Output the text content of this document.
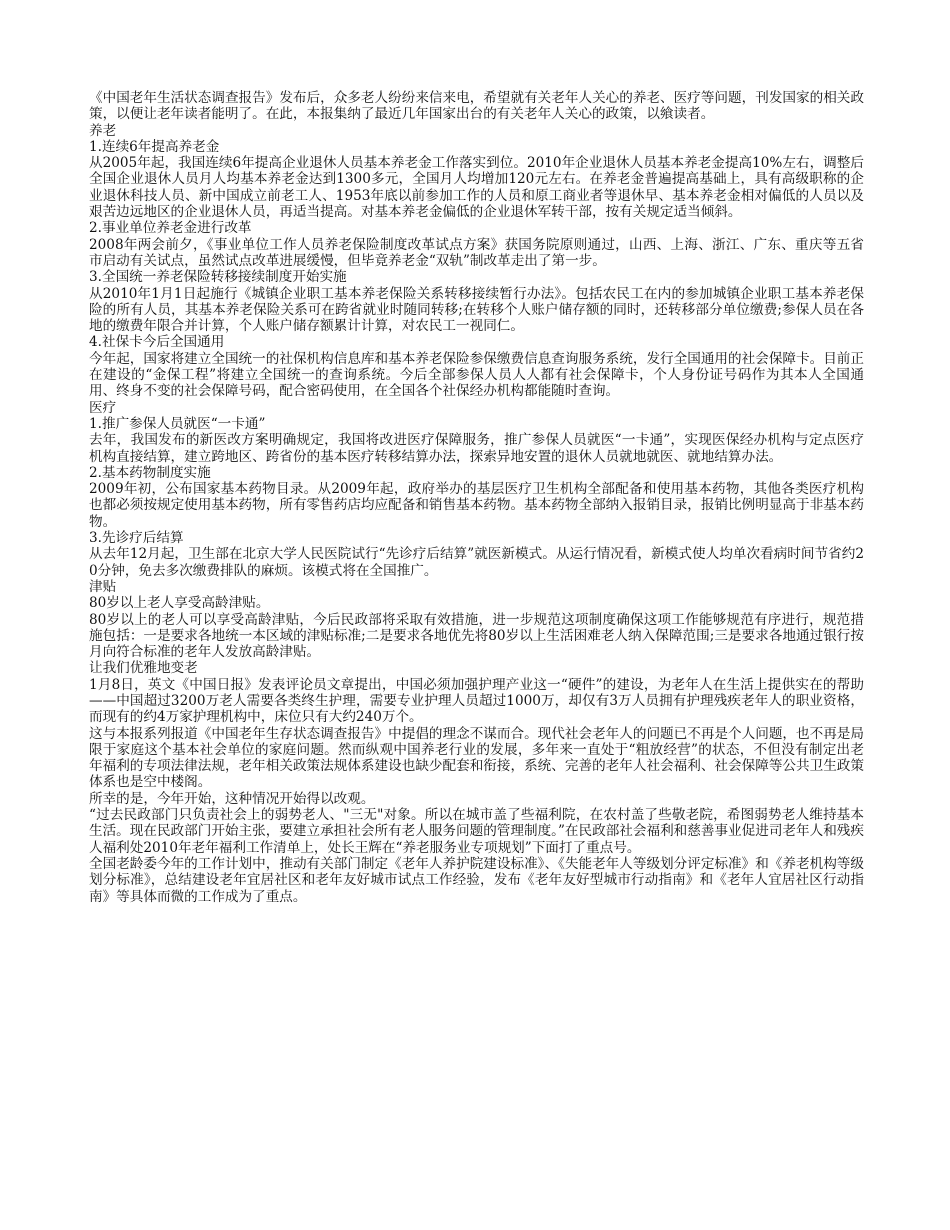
《中国老年生活状态调查报告》发布后，众多老人纷纷来信来电，希望就有关老年人关心的养老、医疗等问题，刊发国家的相关政策，以便让老年读者能明了。在此，本报集纳了最近几年国家出台的有关老年人关心的政策，以飨读者。

养老

1.连续6年提高养老金

从2005年起，我国连续6年提高企业退休人员基本养老金工作落实到位。2010年企业退休人员基本养老金提高10%左右，调整后全国企业退休人员月人均基本养老金达到1300多元，全国月人均增加120元左右。在养老金普遍提高基础上，具有高级职称的企业退休科技人员、新中国成立前老工人、1953年底以前参加工作的人员和原工商业者等退休早、基本养老金相对偏低的人员以及艰苦边远地区的企业退休人员，再适当提高。对基本养老金偏低的企业退休军转干部，按有关规定适当倾斜。

2.事业单位养老金进行改革

2008年两会前夕，《事业单位工作人员养老保险制度改革试点方案》获国务院原则通过，山西、上海、浙江、广东、重庆等五省市启动有关试点，虽然试点改革进展缓慢，但毕竟养老金“双轨”制改革走出了第一步。

3.全国统一养老保险转移接续制度开始实施

从2010年1月1日起施行《城镇企业职工基本养老保险关系转移接续暂行办法》。包括农民工在内的参加城镇企业职工基本养老保险的所有人员，其基本养老保险关系可在跨省就业时随同转移;在转移个人账户储存额的同时，还转移部分单位缴费;参保人员在各地的缴费年限合并计算，个人账户储存额累计计算，对农民工一视同仁。

4.社保卡今后全国通用

今年起，国家将建立全国统一的社保机构信息库和基本养老保险参保缴费信息查询服务系统，发行全国通用的社会保障卡。目前正在建设的“金保工程”将建立全国统一的查询系统。今后全部参保人员人人都有社会保障卡，个人身份证号码作为其本人全国通用、终身不变的社会保障号码，配合密码使用，在全国各个社保经办机构都能随时查询。

医疗

1.推广参保人员就医“一卡通”

去年，我国发布的新医改方案明确规定，我国将改进医疗保障服务，推广参保人员就医“一卡通”，实现医保经办机构与定点医疗机构直接结算，建立跨地区、跨省份的基本医疗转移结算办法，探索异地安置的退休人员就地就医、就地结算办法。

2.基本药物制度实施

2009年初，公布国家基本药物目录。从2009年起，政府举办的基层医疗卫生机构全部配备和使用基本药物，其他各类医疗机构也都必须按规定使用基本药物，所有零售药店均应配备和销售基本药物。基本药物全部纳入报销目录，报销比例明显高于非基本药物。

3.先诊疗后结算

从去年12月起，卫生部在北京大学人民医院试行“先诊疗后结算”就医新模式。从运行情况看，新模式使人均单次看病时间节省约20分钟，免去多次缴费排队的麻烦。该模式将在全国推广。

津贴

80岁以上老人享受高龄津贴。

80岁以上的老人可以享受高龄津贴，今后民政部将采取有效措施，进一步规范这项制度确保这项工作能够规范有序进行，规范措施包括：一是要求各地统一本区域的津贴标准;二是要求各地优先将80岁以上生活困难老人纳入保障范围;三是要求各地通过银行按月向符合标准的老年人发放高龄津贴。

让我们优雅地变老

1月8日，英文《中国日报》发表评论员文章提出，中国必须加强护理产业这一“硬件”的建设，为老年人在生活上提供实在的帮助——中国超过3200万老人需要各类终生护理，需要专业护理人员超过1000万，却仅有3万人员拥有护理残疾老年人的职业资格，而现有的约4万家护理机构中，床位只有大约240万个。

这与本报系列报道《中国老年生存状态调查报告》中提倡的理念不谋而合。现代社会老年人的问题已不再是个人问题，也不再是局限于家庭这个基本社会单位的家庭问题。然而纵观中国养老行业的发展，多年来一直处于“粗放经营”的状态，不但没有制定出老年福利的专项法律法规，老年相关政策法规体系建设也缺少配套和衔接，系统、完善的老年人社会福利、社会保障等公共卫生政策体系也是空中楼阁。

所幸的是，今年开始，这种情况开始得以改观。

“过去民政部门只负责社会上的弱势老人、"三无"对象。所以在城市盖了些福利院，在农村盖了些敬老院，希图弱势老人维持基本生活。现在民政部门开始主张，要建立承担社会所有老人服务问题的管理制度。”在民政部社会福利和慈善事业促进司老年人和残疾人福利处2010年老年福利工作清单上，处长王辉在“养老服务业专项规划”下面打了重点号。

全国老龄委今年的工作计划中，推动有关部门制定《老年人养护院建设标准》、《失能老年人等级划分评定标准》和《养老机构等级划分标准》，总结建设老年宜居社区和老年友好城市试点工作经验，发布《老年友好型城市行动指南》和《老年人宜居社区行动指南》等具体而微的工作成为了重点。
